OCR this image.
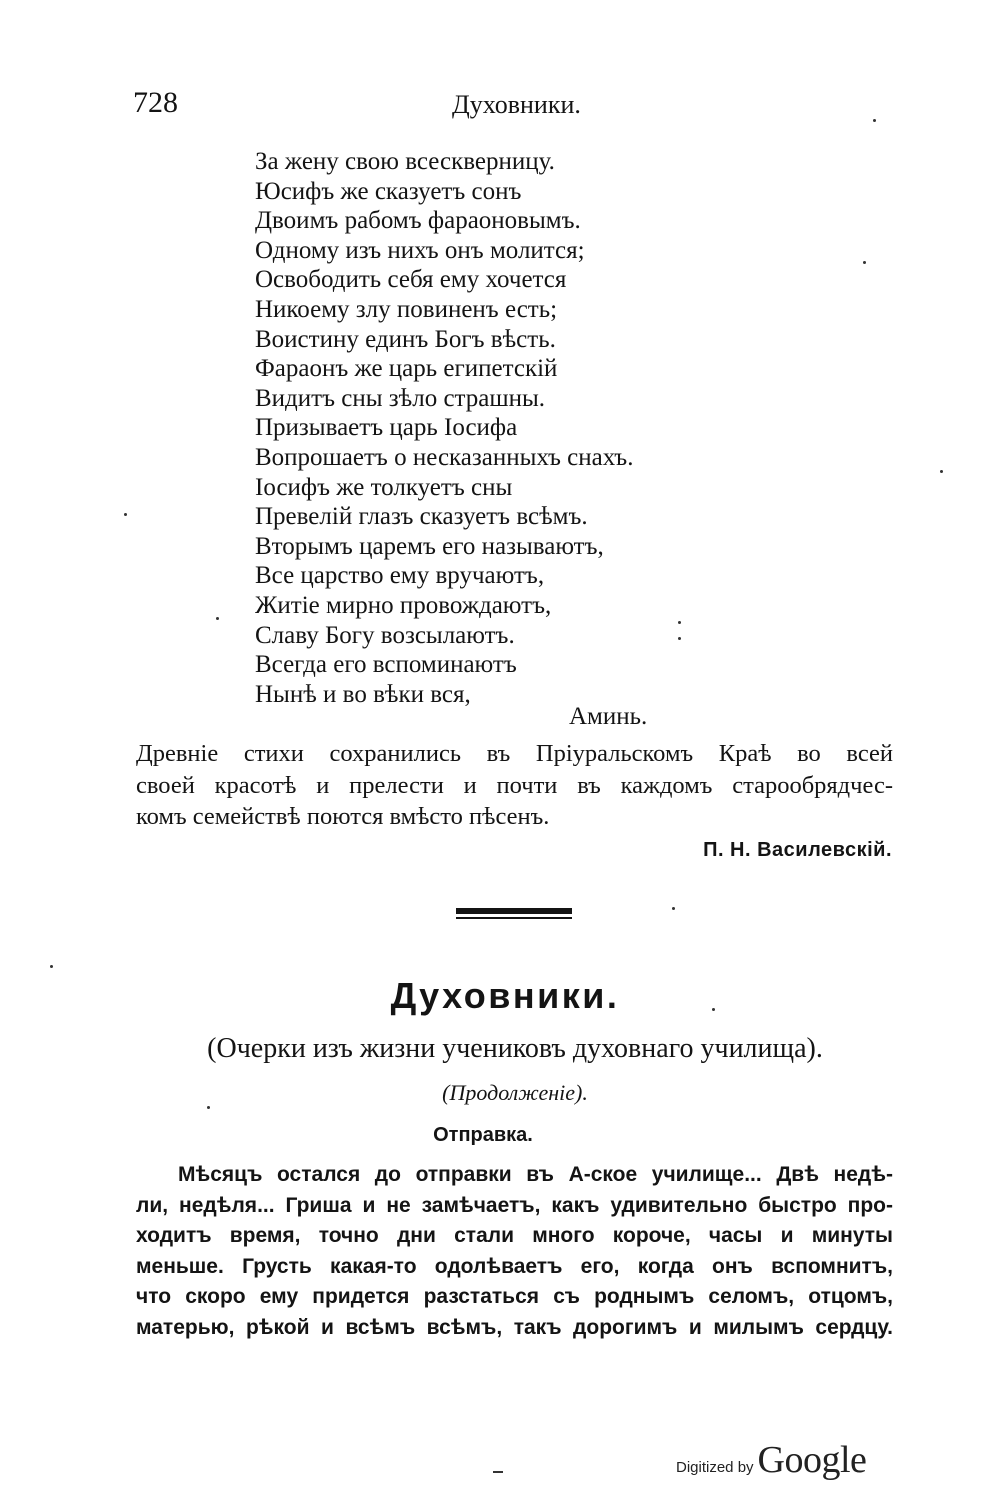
728	Духовники.
За жену свою всескверницу.
Юсифъ же сказуетъ сонъ
Двоимъ рабомъ фараоновымъ.
Одному изъ нихъ онъ молится;
Освободить себя ему хочется
Никоему злу повиненъ есть;
Воистину единъ Богъ вѣсть.
Фараонъ же царь египетскій
Видитъ сны зѣло страшны.
Призываетъ царь Іосифа
Вопрошаетъ о несказанныхъ снахъ.
Іосифъ же толкуетъ сны
Превелій глазъ сказуетъ всѣмъ.
Вторымъ царемъ его называютъ,
Все царство ему вручаютъ,
Житіе мирно провождаютъ,
Славу Богу возсылаютъ.
Всегда его вспоминаютъ
Нынѣ и во вѣки вся,
Аминь.
Древніе стихи сохранились въ Пріуральскомъ Краѣ во всей
своей красотѣ и прелести и почти въ каждомъ старообрядчес-
комъ семействѣ поются вмѣсто пѣсенъ.
П. Н. Василевскій.
Духовники.
(Очерки изъ жизни учениковъ духовнаго училища).
(Продолженіе).
Отправка.
Мѣсяцъ остался до отправки въ А-ское училище... Двѣ недѣ-
ли, недѣля... Гриша и не замѣчаетъ, какъ удивительно быстро про-
ходитъ время, точно дни стали много короче, часы и минуты
меньше. Грусть какая-то одолѣваетъ его, когда онъ вспомнитъ,
что скоро ему придется разстаться съ роднымъ селомъ, отцомъ,
матерью, рѣкой и всѣмъ всѣмъ, такъ дорогимъ и милымъ сердцу.
Digitized by Google
